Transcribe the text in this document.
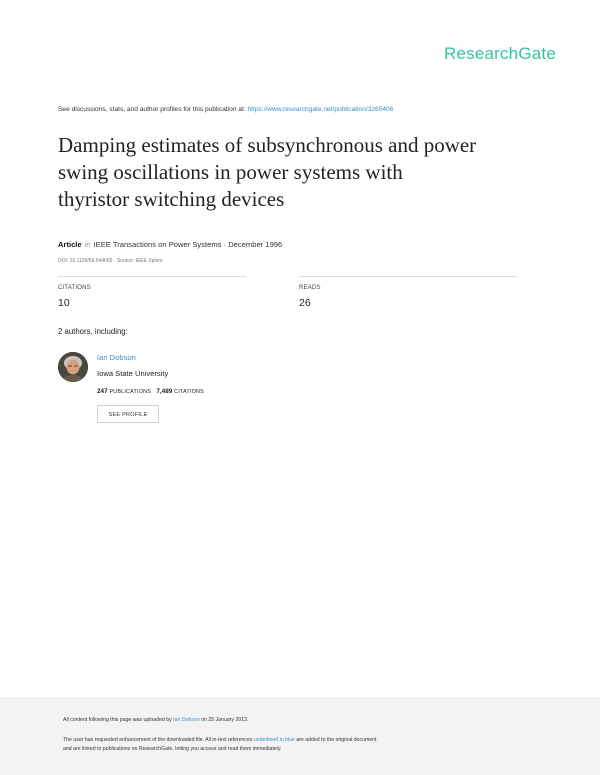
ResearchGate
See discussions, stats, and author profiles for this publication at: https://www.researchgate.net/publication/3265406
Damping estimates of subsynchronous and power
swing oscillations in power systems with
thyristor switching devices
Article in IEEE Transactions on Power Systems · December 1996
DOI: 10.1109/59.544665 · Source: IEEE Xplore
CITATIONS
10
READS
26
2 authors, including:
Ian Dobson
Iowa State University
247 PUBLICATIONS 7,489 CITATIONS
SEE PROFILE
All content following this page was uploaded by Ian Dobson on 25 January 2013.
The user has requested enhancement of the downloaded file. All in-text references underlined in blue are added to the original document
and are linked to publications on ResearchGate, letting you access and read them immediately.
